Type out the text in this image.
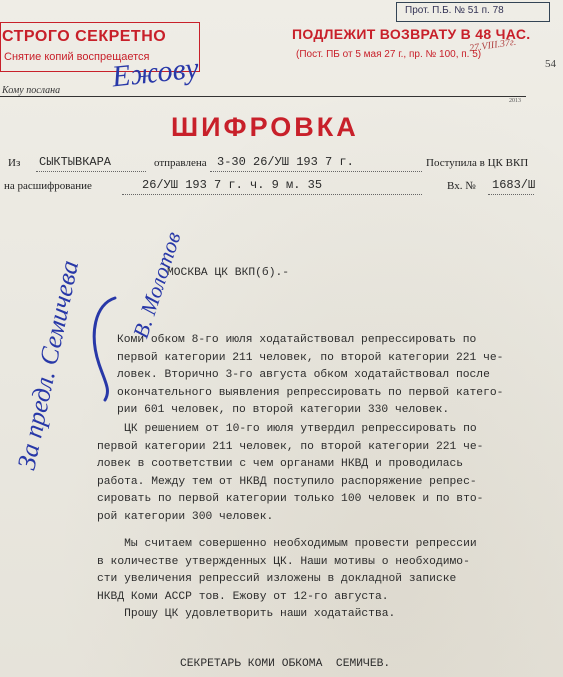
Прот. П.Б. № 51 п. 78
27.VIII.37г.
54
СТРОГО СЕКРЕТНО
Снятие копий воспрещается
ПОДЛЕЖИТ ВОЗВРАТУ В 48 ЧАС.
(Пост. ПБ от 5 мая 27 г., пр. № 100, п. 5)
Кому послана Ежову
2013
ШИФРОВКА
Из СЫКТЫВКАРА	отправлена 3-30 26/УШ 193 7 г.	Поступила в ЦК ВКП
на расшифрование	26/УШ 193 7 г. ч. 9 м. 35	Вх. № 1683/Ш
МОСКВА ЦК ВКП(б).-
Коми обком 8-го июля ходатайствовал репрессировать по
первой категории 211 человек, по второй категории 221 че-
ловек. Вторично 3-го августа обком ходатайствовал после
окончательного выявления репрессировать по первой катего-
рии 601 человек, по второй категории 330 человек.
ЦК решением от 10-го июля утвердил репрессировать по
первой категории 211 человек, по второй категории 221 че-
ловек в соответствии с чем органами НКВД и проводилась
работа. Между тем от НКВД поступило распоряжение репрес-
сировать по первой категории только 100 человек и по вто-
рой категории 300 человек.
Мы считаем совершенно необходимым провести репрессии
в количестве утвержденных ЦК. Наши мотивы о необходимо-
сти увеличения репрессий изложены в докладной записке
НКВД Коми АССР тов. Ежову от 12-го августа.
Прошу ЦК удовлетворить наши ходатайства.
СЕКРЕТАРЬ КОМИ ОБКОМА  СЕМИЧЕВ.
За предл. Семичева В. Молотов
